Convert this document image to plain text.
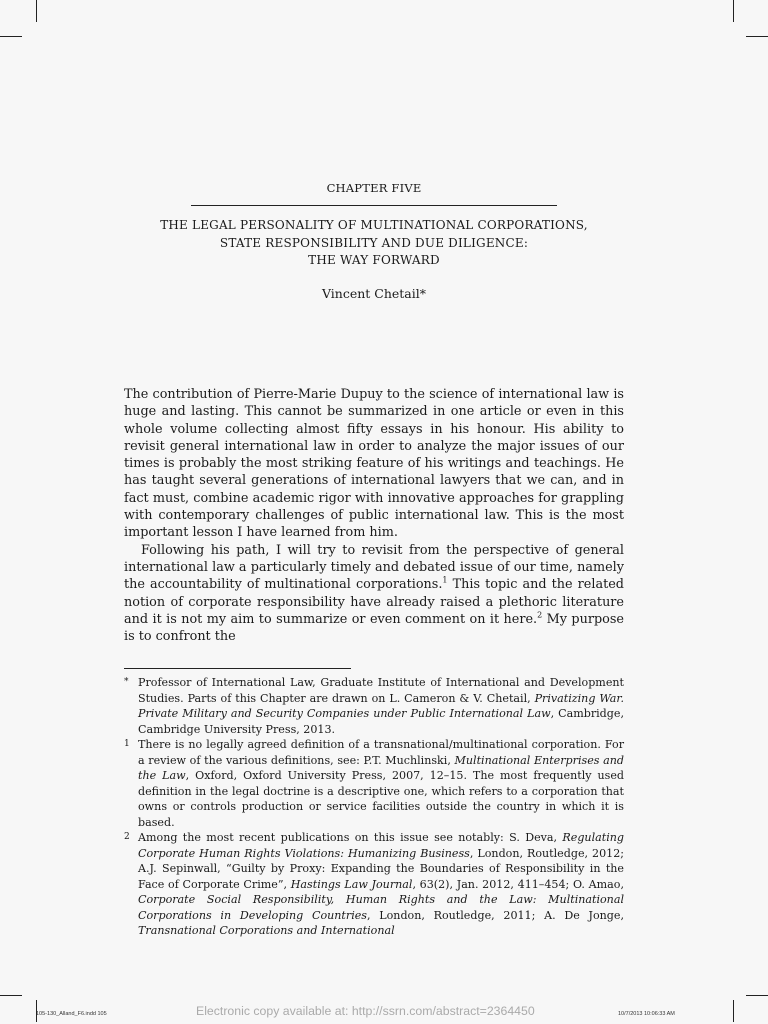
CHAPTER FIVE
THE LEGAL PERSONALITY OF MULTINATIONAL CORPORATIONS,
STATE RESPONSIBILITY AND DUE DILIGENCE:
THE WAY FORWARD
Vincent Chetail*

The contribution of Pierre-Marie Dupuy to the science of international law is huge and lasting. This cannot be summarized in one article or even in this whole volume collecting almost fifty essays in his honour. His ability to revisit general international law in order to analyze the major issues of our times is probably the most striking feature of his writings and teachings. He has taught several generations of international lawyers that we can, and in fact must, combine academic rigor with innovative approaches for grappling with contemporary challenges of public international law. This is the most important lesson I have learned from him.

Following his path, I will try to revisit from the perspective of general international law a particularly timely and debated issue of our time, namely the accountability of multinational corporations.$^1$ This topic and the related notion of corporate responsibility have already raised a plethoric literature and it is not my aim to summarize or even comment on it here.$^2$ My purpose is to confront the

* Professor of International Law, Graduate Institute of International and Development Studies. Parts of this Chapter are drawn on L. Cameron & V. Chetail, Privatizing War. Private Military and Security Companies under Public International Law, Cambridge, Cambridge University Press, 2013.

1 There is no legally agreed definition of a transnational/multinational corporation. For a review of the various definitions, see: P.T. Muchlinski, Multinational Enterprises and the Law, Oxford, Oxford University Press, 2007, 12–15. The most frequently used definition in the legal doctrine is a descriptive one, which refers to a corporation that owns or controls production or service facilities outside the country in which it is based.

2 Among the most recent publications on this issue see notably: S. Deva, Regulating Corporate Human Rights Violations: Humanizing Business, London, Routledge, 2012; A.J. Sepinwall, “Guilty by Proxy: Expanding the Boundaries of Responsibility in the Face of Corporate Crime”, Hastings Law Journal, 63(2), Jan. 2012, 411–454; O. Amao, Corporate Social Responsibility, Human Rights and the Law: Multinational Corporations in Developing Countries, London, Routledge, 2011; A. De Jonge, Transnational Corporations and International

105-130_Alland_F6.indd 105	Electronic copy available at: http://ssrn.com/abstract=2364450	10/7/2013 10:06:33 AM
